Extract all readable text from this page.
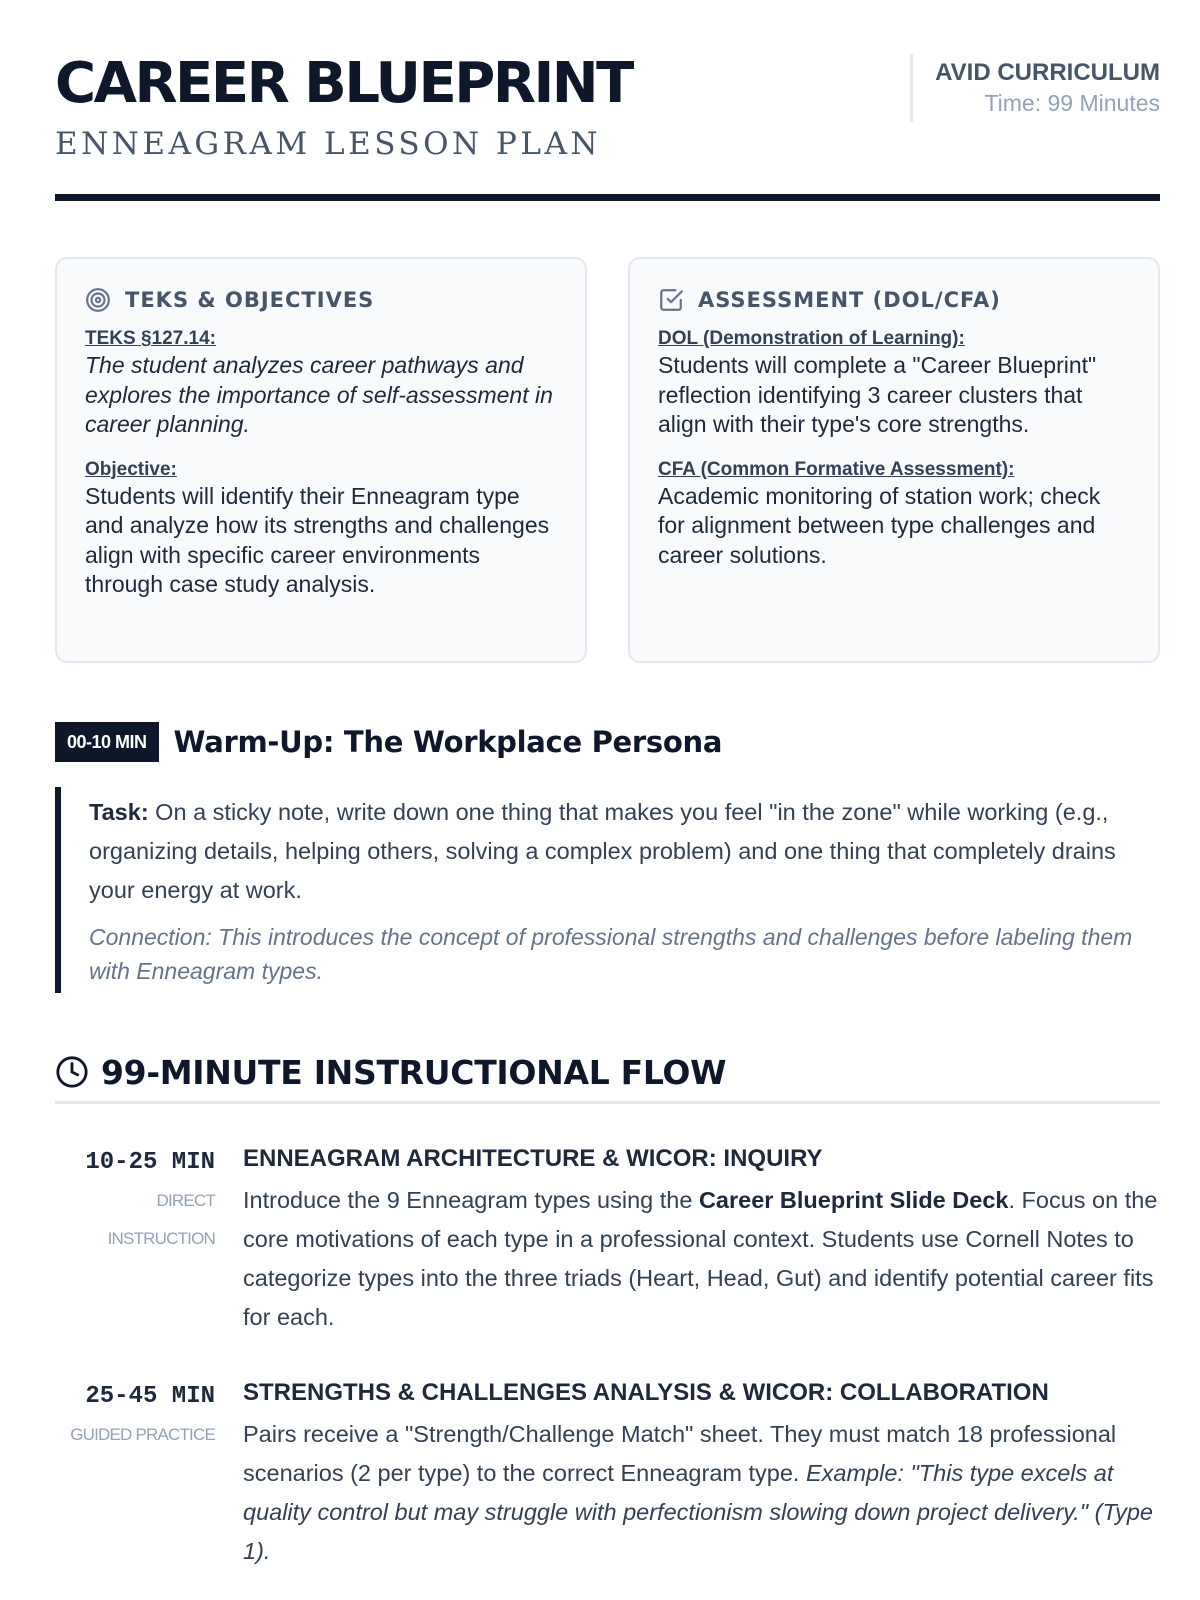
CAREER BLUEPRINT
ENNEAGRAM LESSON PLAN
AVID CURRICULUM
Time: 99 Minutes
TEKS & OBJECTIVES
TEKS §127.14:
The student analyzes career pathways and explores the importance of self-assessment in career planning.
Objective:
Students will identify their Enneagram type and analyze how its strengths and challenges align with specific career environments through case study analysis.
ASSESSMENT (DOL/CFA)
DOL (Demonstration of Learning):
Students will complete a "Career Blueprint" reflection identifying 3 career clusters that align with their type's core strengths.
CFA (Common Formative Assessment):
Academic monitoring of station work; check for alignment between type challenges and career solutions.
00-10 MIN Warm-Up: The Workplace Persona
Task: On a sticky note, write down one thing that makes you feel "in the zone" while working (e.g., organizing details, helping others, solving a complex problem) and one thing that completely drains your energy at work.
Connection: This introduces the concept of professional strengths and challenges before labeling them with Enneagram types.
99-MINUTE INSTRUCTIONAL FLOW
10-25 MIN
DIRECT
INSTRUCTION
ENNEAGRAM ARCHITECTURE & WICOR: INQUIRY
Introduce the 9 Enneagram types using the Career Blueprint Slide Deck. Focus on the core motivations of each type in a professional context. Students use Cornell Notes to categorize types into the three triads (Heart, Head, Gut) and identify potential career fits for each.
25-45 MIN
GUIDED PRACTICE
STRENGTHS & CHALLENGES ANALYSIS & WICOR: COLLABORATION
Pairs receive a "Strength/Challenge Match" sheet. They must match 18 professional scenarios (2 per type) to the correct Enneagram type. Example: "This type excels at quality control but may struggle with perfectionism slowing down project delivery." (Type 1).
